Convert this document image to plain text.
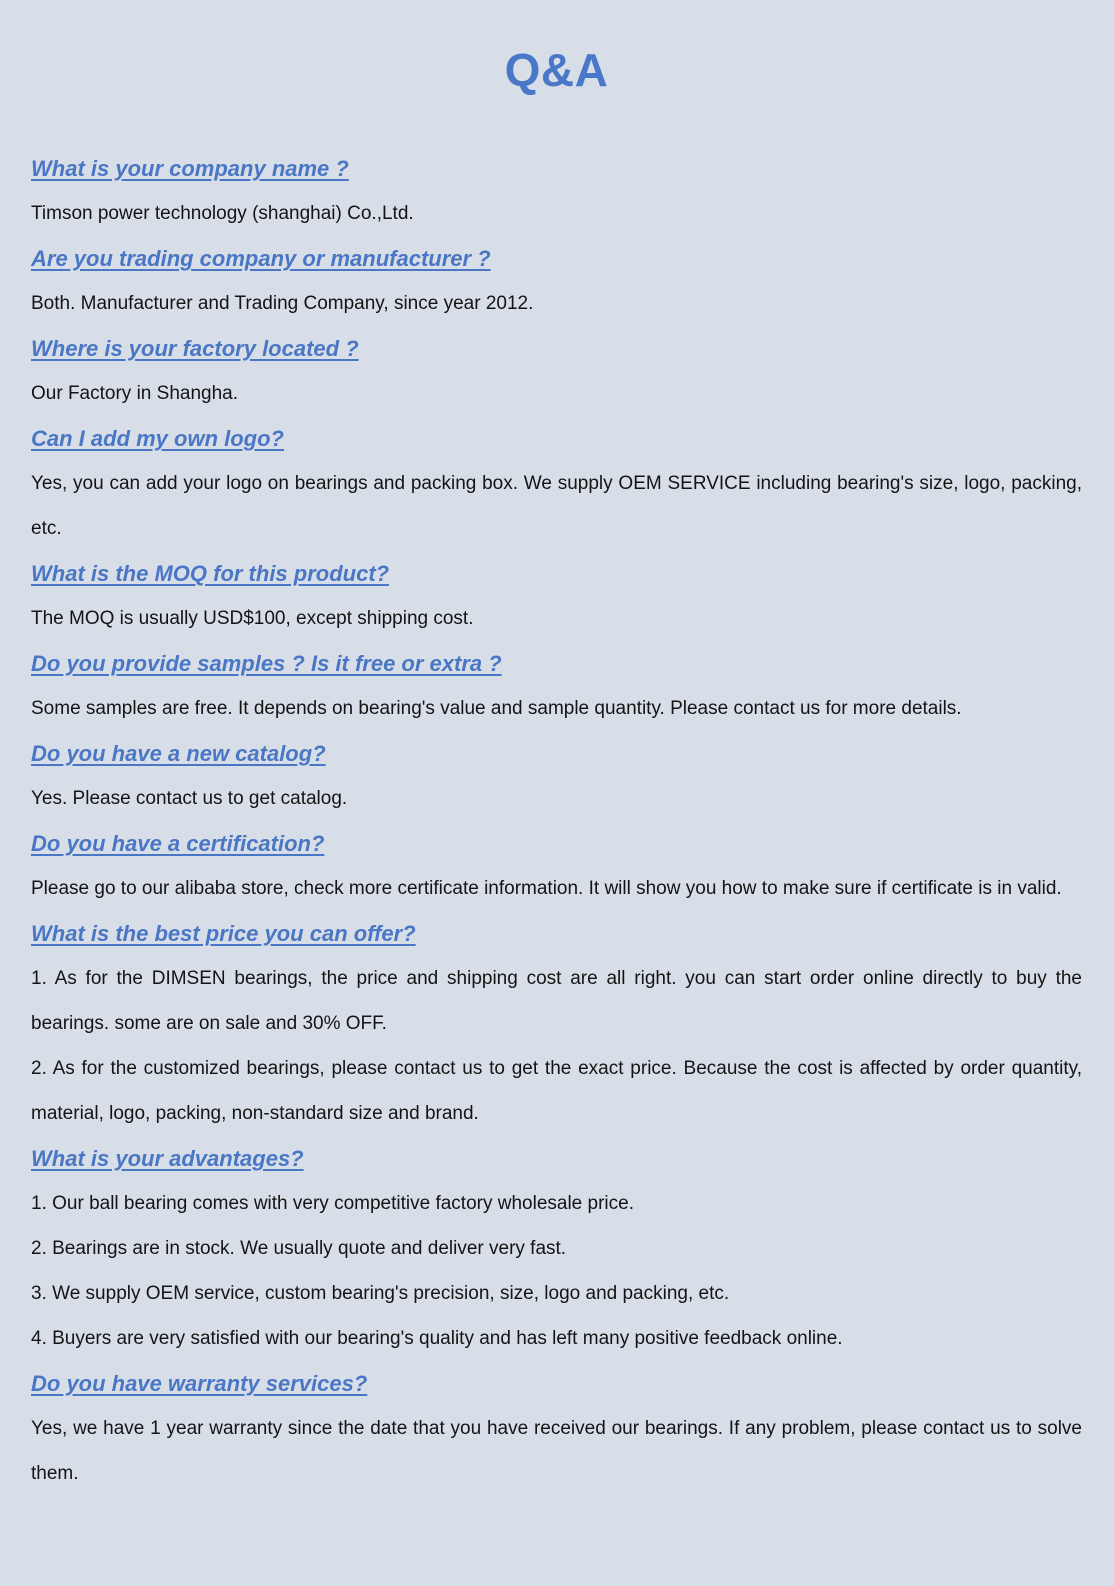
Q&A

What is your company name ?

Timson power technology (shanghai) Co.,Ltd.

Are you trading company or manufacturer ?

Both. Manufacturer and Trading Company, since year 2012.

Where is your factory located ?

Our Factory in Shangha.

Can I add my own logo?

Yes, you can add your logo on bearings and packing box. We supply OEM SERVICE including bearing's size, logo, packing, etc.

What is the MOQ for this product?

The MOQ is usually USD$100, except shipping cost.

Do you provide samples ? Is it free or extra ?

Some samples are free. It depends on bearing's value and sample quantity. Please contact us for more details.

Do you have a new catalog?

Yes. Please contact us to get catalog.

Do you have a certification?

Please go to our alibaba store, check more certificate information. It will show you how to make sure if certificate is in valid.

What is the best price you can offer?

1. As for the DIMSEN bearings, the price and shipping cost are all right. you can start order online directly to buy the bearings. some are on sale and 30% OFF.

2. As for the customized bearings, please contact us to get the exact price. Because the cost is affected by order quantity, material, logo, packing, non-standard size and brand.

What is your advantages?

1. Our ball bearing comes with very competitive factory wholesale price.

2. Bearings are in stock. We usually quote and deliver very fast.

3. We supply OEM service, custom bearing's precision, size, logo and packing, etc.

4. Buyers are very satisfied with our bearing's quality and has left many positive feedback online.

Do you have warranty services?

Yes, we have 1 year warranty since the date that you have received our bearings. If any problem, please contact us to solve them.
